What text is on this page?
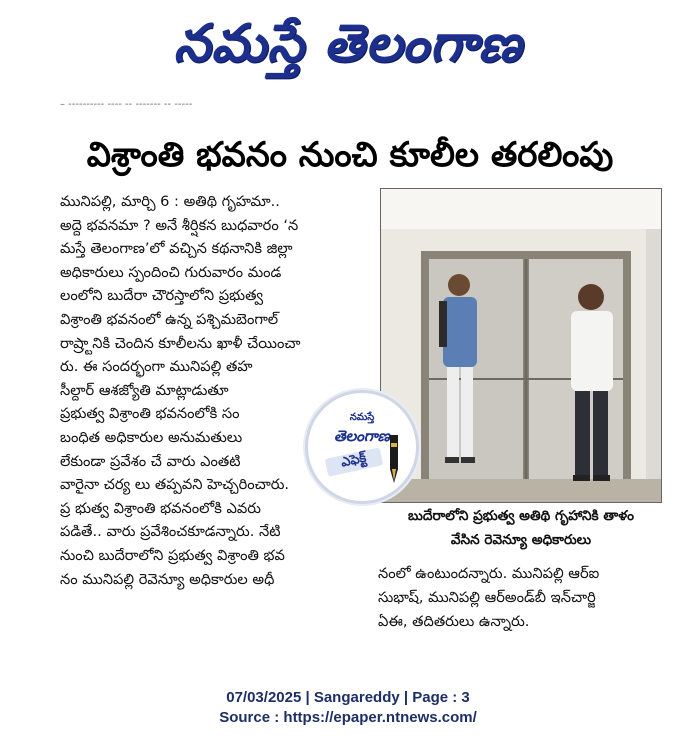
నమస్తే తెలంగాణ
– ---------- ---- -- ------- -- -----
విశ్రాంతి భవనం నుంచి కూలీల తరలింపు

మునిపల్లి, మార్చి 6 : అతిథి గృహమా..

అద్దె భవనమా ? అనే శీర్షికన బుధవారం ‘న

మస్తే తెలంగాణ’లో వచ్చిన కథనానికి జిల్లా

అధికారులు స్పందించి గురువారం మండ

లంలోని బుదేరా చౌరస్తాలోని ప్రభుత్వ

విశ్రాంతి భవనంలో ఉన్న పశ్చిమబెంగాల్

రాష్ర్టానికి చెందిన కూలీలను ఖాళీ చేయించా

రు. ఈ సందర్భంగా మునిపల్లి తహ

సీల్దార్ ఆశజ్యోతి మాట్లాడుతూ

ప్రభుత్వ విశ్రాంతి భవనంలోకి సం

బంధిత అధికారుల అనుమతులు

లేకుండా ప్రవేశం చే వారు ఎంతటి

వారైనా చర్య లు తప్పవని హెచ్చరించారు.

ప్ర భుత్వ విశ్రాంతి భవనంలోకి ఎవరు

పడితే.. వారు ప్రవేశించకూడన్నారు. నేటి

నుంచి బుదేరాలోని ప్రభుత్వ విశ్రాంతి భవ

నం మునిపల్లి రెవెన్యూ అధికారుల అధీ

నమస్తే
తెలంగాణ
ఎఫెక్ట్
బుదేరాలోని ప్రభుత్వ అతిథి గృహానికి తాళం
వేసిన రెవెన్యూ అధికారులు

నంలో ఉంటుందన్నారు. మునిపల్లి ఆర్ఐ

సుభాష్, మునిపల్లి ఆర్అండ్‌బీ ఇన్‌చార్జి

ఏఈ, తదితరులు ఉన్నారు.

07/03/2025 | Sangareddy | Page : 3
Source : https://epaper.ntnews.com/
